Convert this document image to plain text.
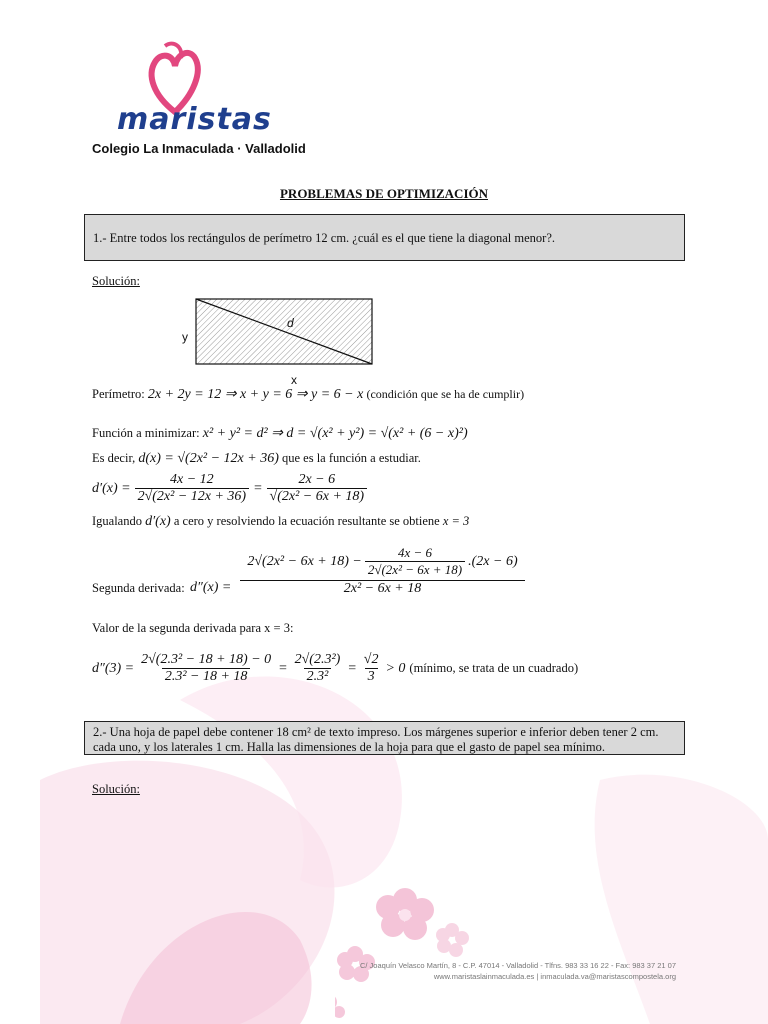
maristas
Colegio La Inmaculada · Valladolid
PROBLEMAS DE OPTIMIZACIÓN
1.- Entre todos los rectángulos de perímetro 12 cm. ¿cuál es el que tiene la diagonal menor?.
Solución:
d
y
x
Perímetro: 2x + 2y = 12 ⇒ x + y = 6 ⇒ y = 6 − x (condición que se ha de cumplir)
Función a minimizar: x² + y² = d² ⇒ d = √(x² + y²) = √(x² + (6 − x)²)
Es decir, d(x) = √(2x² − 12x + 36) que es la función a estudiar.
$d'(x) = \frac{4x - 12}{\text{2√(2x² − 12x + 36)}} = \frac{2x - 6}{\text{√(2x² − 6x + 18)}}$
Igualando d′(x) a cero y resolviendo la ecuación resultante se obtiene x = 3
Segunda derivada: d″(x) =
$2√(2x^2 - 6x + 18) - \frac{4x - 6}{\text{2√(2x² − 6x + 18)}} .(2x - 6)$
2x² − 6x + 18
Valor de la segunda derivada para x = 3:
$d''(3) = \frac{\text{2√(2.3² − 18 + 18) − 0}}{\text{2.3² − 18 + 18}} = \frac{\text{2√(2.3²)}}{\text{2.3²}} = \frac{√2}{3} > 0$ (mínimo, se trata de un cuadrado)
2.- Una hoja de papel debe contener 18 cm² de texto impreso. Los márgenes superior e inferior deben tener 2 cm. cada uno, y los laterales 1 cm. Halla las dimensiones de la hoja para que el gasto de papel sea mínimo.
Solución:
C/ Joaquín Velasco Martín, 8 - C.P. 47014 - Valladolid - Tlfns. 983 33 16 22 - Fax: 983 37 21 07
www.maristaslainmaculada.es | inmaculada.va@maristascompostela.org
